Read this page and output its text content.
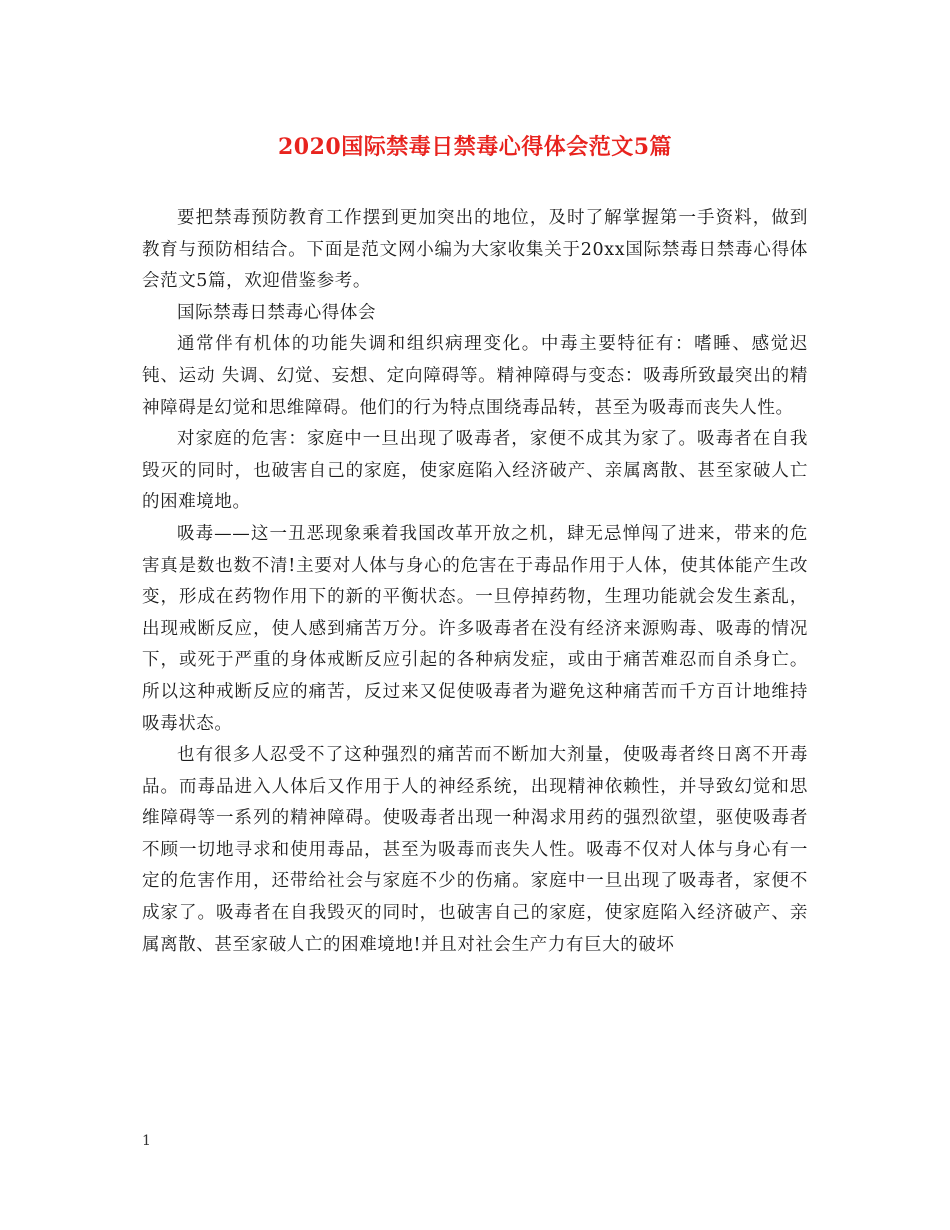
2020国际禁毒日禁毒心得体会范文5篇

要把禁毒预防教育工作摆到更加突出的地位，及时了解掌握第一手资料，做到教育与预防相结合。下面是范文网小编为大家收集关于20xx国际禁毒日禁毒心得体会范文5篇，欢迎借鉴参考。

国际禁毒日禁毒心得体会

通常伴有机体的功能失调和组织病理变化。中毒主要特征有：嗜睡、感觉迟钝、运动 失调、幻觉、妄想、定向障碍等。精神障碍与变态：吸毒所致最突出的精神障碍是幻觉和思维障碍。他们的行为特点围绕毒品转，甚至为吸毒而丧失人性。

对家庭的危害：家庭中一旦出现了吸毒者，家便不成其为家了。吸毒者在自我毁灭的同时，也破害自己的家庭，使家庭陷入经济破产、亲属离散、甚至家破人亡的困难境地。

吸毒——这一丑恶现象乘着我国改革开放之机，肆无忌惮闯了进来，带来的危害真是数也数不清!主要对人体与身心的危害在于毒品作用于人体，使其体能产生改变，形成在药物作用下的新的平衡状态。一旦停掉药物，生理功能就会发生紊乱，出现戒断反应，使人感到痛苦万分。许多吸毒者在没有经济来源购毒、吸毒的情况下，或死于严重的身体戒断反应引起的各种病发症，或由于痛苦难忍而自杀身亡。所以这种戒断反应的痛苦，反过来又促使吸毒者为避免这种痛苦而千方百计地维持吸毒状态。

也有很多人忍受不了这种强烈的痛苦而不断加大剂量，使吸毒者终日离不开毒品。而毒品进入人体后又作用于人的神经系统，出现精神依赖性，并导致幻觉和思维障碍等一系列的精神障碍。使吸毒者出现一种渴求用药的强烈欲望，驱使吸毒者不顾一切地寻求和使用毒品，甚至为吸毒而丧失人性。吸毒不仅对人体与身心有一定的危害作用，还带给社会与家庭不少的伤痛。家庭中一旦出现了吸毒者，家便不成家了。吸毒者在自我毁灭的同时，也破害自己的家庭，使家庭陷入经济破产、亲属离散、甚至家破人亡的困难境地!并且对社会生产力有巨大的破坏

1
